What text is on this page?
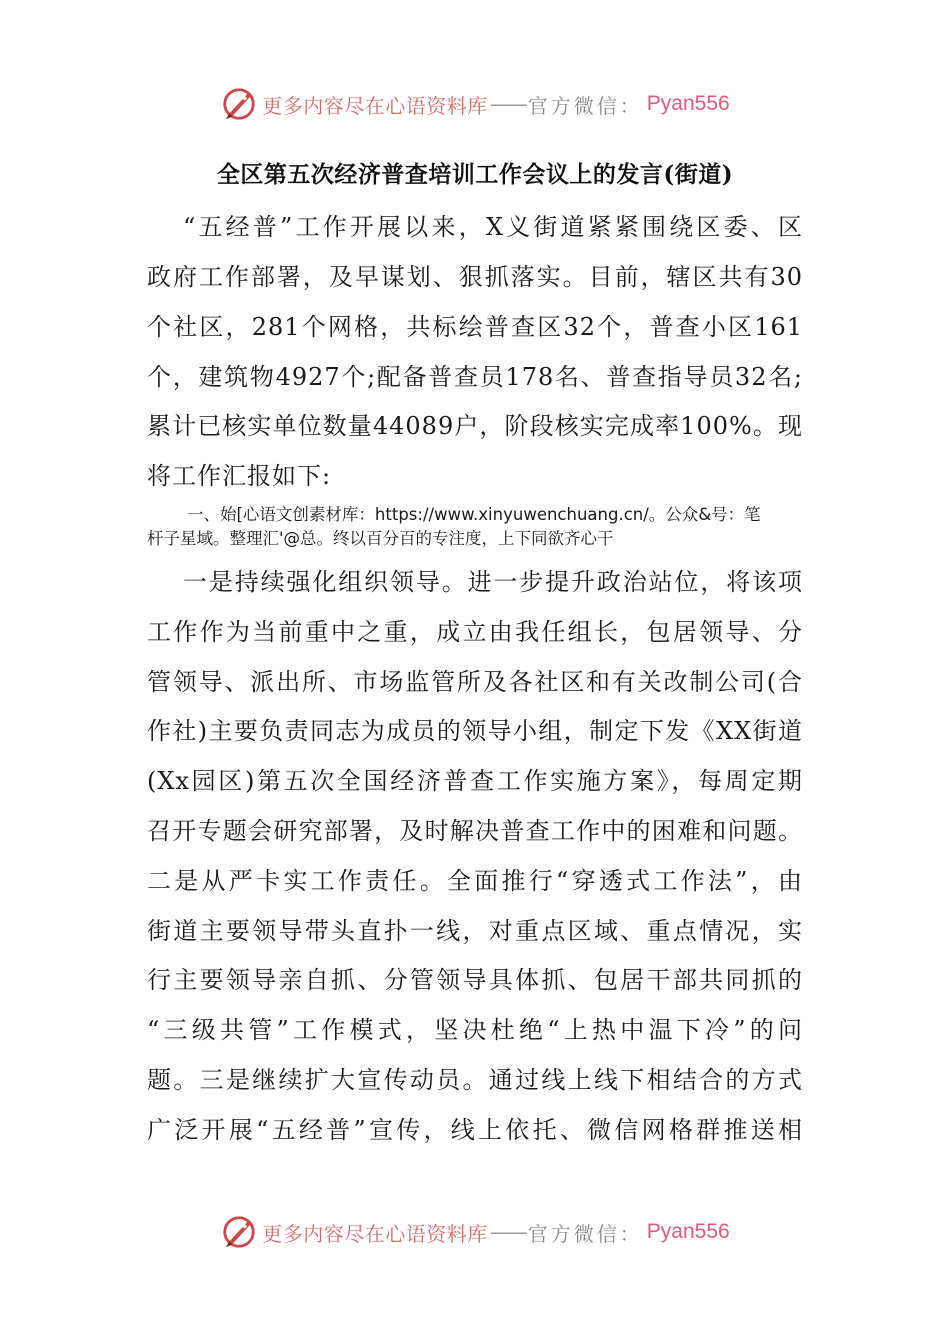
更多内容尽在心语资料库 —— 官方微信： Pyan556
全区第五次经济普查培训工作会议上的发言(街道)
“五经普”工作开展以来，X义街道紧紧围绕区委、区
政府工作部署，及早谋划、狠抓落实。目前，辖区共有30
个社区，281个网格，共标绘普查区32个，普查小区161
个，建筑物4927个;配备普查员178名、普查指导员32名;
累计已核实单位数量44089户，阶段核实完成率100%。现
将工作汇报如下:
一、始[心语文创素材库：https://www.xinyuwenchuang.cn/。公众&号：笔
杆子星域。整理汇'@总。终以百分百的专注度，上下同欲齐心干
一是持续强化组织领导。进一步提升政治站位，将该项
工作作为当前重中之重，成立由我任组长，包居领导、分
管领导、派出所、市场监管所及各社区和有关改制公司(合
作社)主要负责同志为成员的领导小组，制定下发《XX街道
(Xx园区)第五次全国经济普查工作实施方案》，每周定期
召开专题会研究部署，及时解决普查工作中的困难和问题。
二是从严卡实工作责任。全面推行“穿透式工作法”，由
街道主要领导带头直扑一线，对重点区域、重点情况，实
行主要领导亲自抓、分管领导具体抓、包居干部共同抓的
“三级共管”工作模式，坚决杜绝“上热中温下冷”的问
题。三是继续扩大宣传动员。通过线上线下相结合的方式
广泛开展“五经普”宣传，线上依托、微信网格群推送相
更多内容尽在心语资料库 —— 官方微信： Pyan556
